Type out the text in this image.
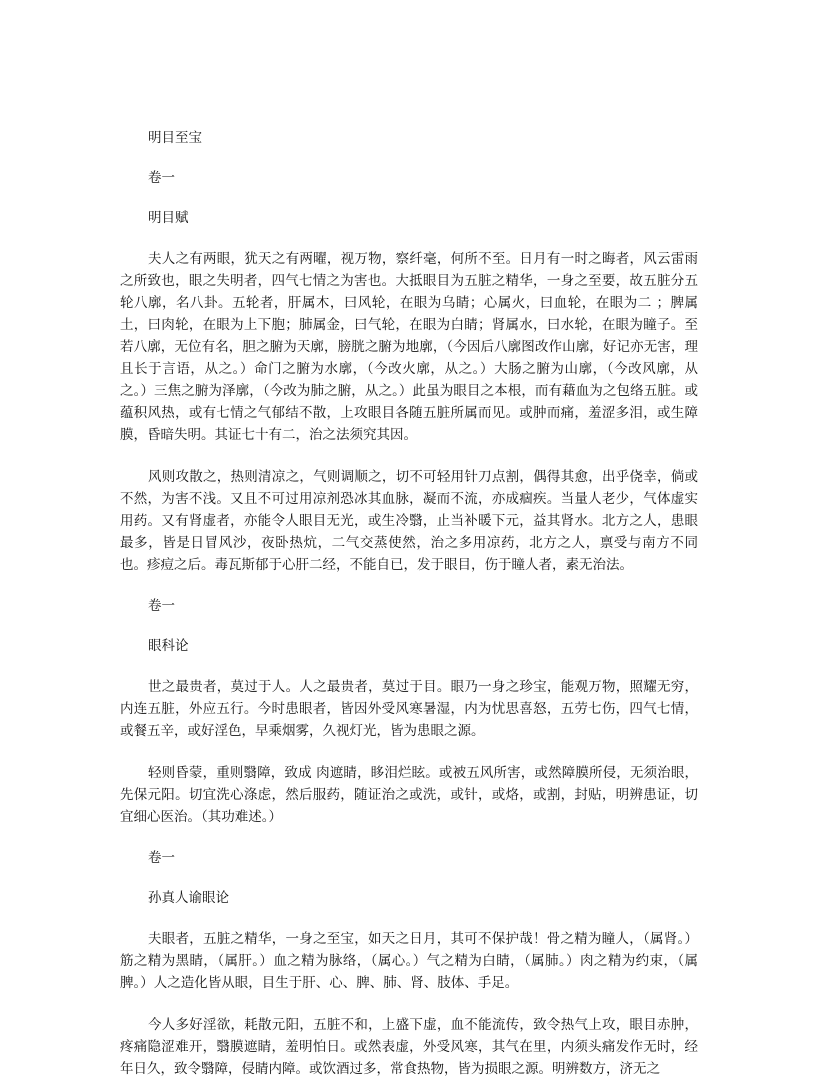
明目至宝
卷一
明目赋
夫人之有两眼，犹天之有两曜，视万物，察纤毫，何所不至。日月有一时之晦者，风云雷雨之所致也，眼之失明者，四气七情之为害也。大抵眼目为五脏之精华，一身之至要，故五脏分五轮八廓，名八卦。五轮者，肝属木，曰风轮，在眼为乌睛；心属火，曰血轮，在眼为二 ；脾属土，曰肉轮，在眼为上下胞；肺属金，曰气轮，在眼为白睛；肾属水，曰水轮，在眼为瞳子。至若八廓，无位有名，胆之腑为天廓，膀胱之腑为地廓，（今因后八廓图改作山廓，好记亦无害，理且长于言语，从之。）命门之腑为水廓，（今改火廓，从之。）大肠之腑为山廓，（今改风廓，从之。）三焦之腑为泽廓，（今改为肺之腑，从之。）此虽为眼目之本根，而有藉血为之包络五脏。或蕴积风热，或有七情之气郁结不散，上攻眼目各随五脏所属而见。或肿而痛，羞涩多泪，或生障膜，昏暗失明。其证七十有二，治之法须究其因。
风则攻散之，热则清凉之，气则调顺之，切不可轻用针刀点割，偶得其愈，出乎侥幸，倘或不然，为害不浅。又且不可过用凉剂恐冰其血脉，凝而不流，亦成痼疾。当量人老少，气体虚实用药。又有肾虚者，亦能令人眼目无光，或生冷翳，止当补暖下元，益其肾水。北方之人，患眼最多，皆是日冒风沙，夜卧热炕，二气交蒸使然，治之多用凉药，北方之人，禀受与南方不同也。疹痘之后。毒瓦斯郁于心肝二经，不能自已，发于眼目，伤于瞳人者，素无治法。
卷一
眼科论
世之最贵者，莫过于人。人之最贵者，莫过于目。眼乃一身之珍宝，能观万物，照耀无穷，内连五脏，外应五行。今时患眼者，皆因外受风寒暑湿，内为忧思喜怒，五劳七伤，四气七情，或餐五辛，或好淫色，早乘烟雾，久视灯光，皆为患眼之源。
轻则昏蒙，重则翳障，致成 肉遮睛，眵泪烂眩。或被五风所害，或然障膜所侵，无须治眼，先保元阳。切宜洗心涤虑，然后服药，随证治之或洗，或针，或烙，或割，封贴，明辨患证，切宜细心医治。（其功难述。）
卷一
孙真人谕眼论
夫眼者，五脏之精华，一身之至宝，如天之日月，其可不保护哉！骨之精为瞳人，（属肾。）筋之精为黑睛，（属肝。）血之精为脉络，（属心。）气之精为白睛，（属肺。）肉之精为约束，（属脾。）人之造化皆从眼，目生于肝、心、脾、肺、肾、肢体、手足。
今人多好淫欲，耗散元阳，五脏不和，上盛下虚，血不能流传，致令热气上攻，眼目赤肿，疼痛隐涩难开，翳膜遮睛，羞明怕日。或然表虚，外受风寒，其气在里，内须头痛发作无时，经年日久，致令翳障，侵睛内障。或饮酒过多，常食热物，皆为损眼之源。明辨数方，济无之
